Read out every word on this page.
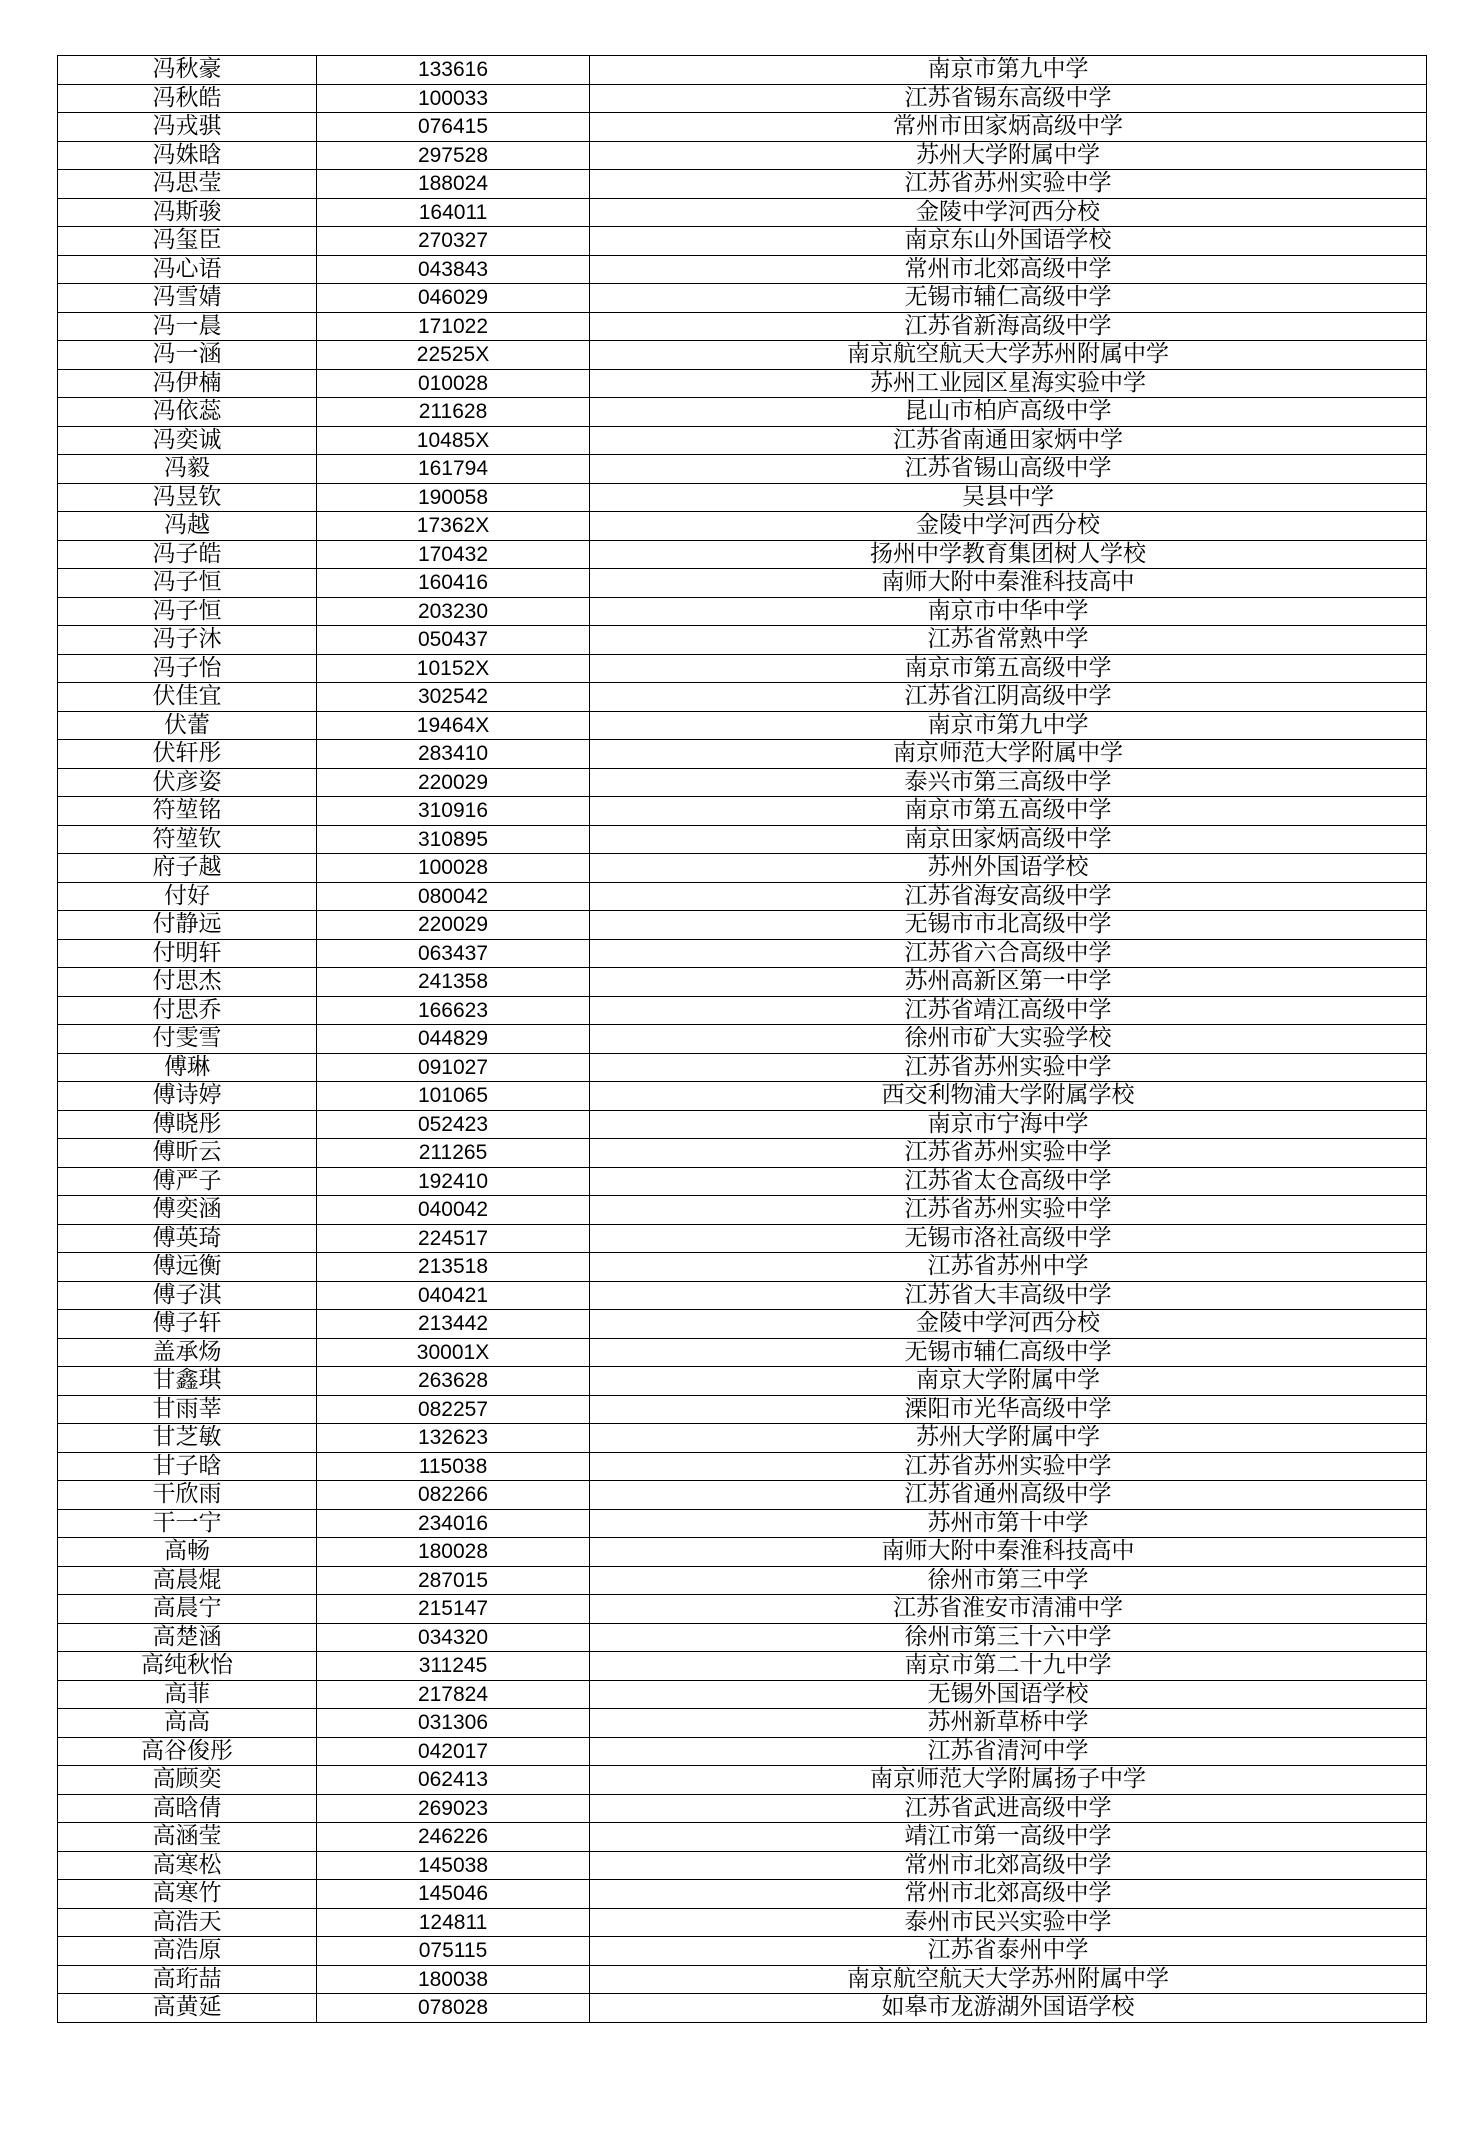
冯秋豪	133616	南京市第九中学
冯秋皓	100033	江苏省锡东高级中学
冯戎骐	076415	常州市田家炳高级中学
冯姝晗	297528	苏州大学附属中学
冯思莹	188024	江苏省苏州实验中学
冯斯骏	164011	金陵中学河西分校
冯玺臣	270327	南京东山外国语学校
冯心语	043843	常州市北郊高级中学
冯雪婧	046029	无锡市辅仁高级中学
冯一晨	171022	江苏省新海高级中学
冯一涵	22525X	南京航空航天大学苏州附属中学
冯伊楠	010028	苏州工业园区星海实验中学
冯依蕊	211628	昆山市柏庐高级中学
冯奕诚	10485X	江苏省南通田家炳中学
冯毅	161794	江苏省锡山高级中学
冯昱钦	190058	吴县中学
冯越	17362X	金陵中学河西分校
冯子皓	170432	扬州中学教育集团树人学校
冯子恒	160416	南师大附中秦淮科技高中
冯子恒	203230	南京市中华中学
冯子沐	050437	江苏省常熟中学
冯子怡	10152X	南京市第五高级中学
伏佳宜	302542	江苏省江阴高级中学
伏蕾	19464X	南京市第九中学
伏轩彤	283410	南京师范大学附属中学
伏彦姿	220029	泰兴市第三高级中学
符堃铭	310916	南京市第五高级中学
符堃钦	310895	南京田家炳高级中学
府子越	100028	苏州外国语学校
付好	080042	江苏省海安高级中学
付静远	220029	无锡市市北高级中学
付明轩	063437	江苏省六合高级中学
付思杰	241358	苏州高新区第一中学
付思乔	166623	江苏省靖江高级中学
付雯雪	044829	徐州市矿大实验学校
傅琳	091027	江苏省苏州实验中学
傅诗婷	101065	西交利物浦大学附属学校
傅晓彤	052423	南京市宁海中学
傅昕云	211265	江苏省苏州实验中学
傅严子	192410	江苏省太仓高级中学
傅奕涵	040042	江苏省苏州实验中学
傅英琦	224517	无锡市洛社高级中学
傅远衡	213518	江苏省苏州中学
傅子淇	040421	江苏省大丰高级中学
傅子轩	213442	金陵中学河西分校
盖承炀	30001X	无锡市辅仁高级中学
甘鑫琪	263628	南京大学附属中学
甘雨莘	082257	溧阳市光华高级中学
甘芝敏	132623	苏州大学附属中学
甘子晗	115038	江苏省苏州实验中学
干欣雨	082266	江苏省通州高级中学
干一宁	234016	苏州市第十中学
高畅	180028	南师大附中秦淮科技高中
高晨焜	287015	徐州市第三中学
高晨宁	215147	江苏省淮安市清浦中学
高楚涵	034320	徐州市第三十六中学
高纯秋怡	311245	南京市第二十九中学
高菲	217824	无锡外国语学校
高高	031306	苏州新草桥中学
高谷俊彤	042017	江苏省清河中学
高顾奕	062413	南京师范大学附属扬子中学
高晗倩	269023	江苏省武进高级中学
高涵莹	246226	靖江市第一高级中学
高寒松	145038	常州市北郊高级中学
高寒竹	145046	常州市北郊高级中学
高浩天	124811	泰州市民兴实验中学
高浩原	075115	江苏省泰州中学
高珩喆	180038	南京航空航天大学苏州附属中学
高黄延	078028	如皋市龙游湖外国语学校
